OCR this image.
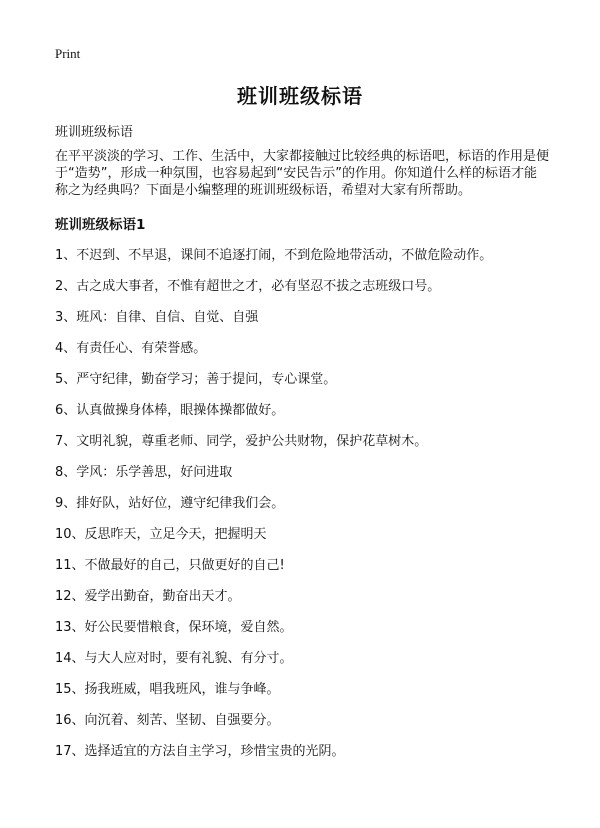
Print
班训班级标语
班训班级标语

在平平淡淡的学习、工作、生活中，大家都接触过比较经典的标语吧，标语的作用是便于“造势”，形成一种氛围，也容易起到“安民告示”的作用。你知道什么样的标语才能称之为经典吗？下面是小编整理的班训班级标语，希望对大家有所帮助。

班训班级标语1
1、不迟到、不早退，课间不追逐打闹，不到危险地带活动，不做危险动作。
2、古之成大事者，不惟有超世之才，必有坚忍不拔之志班级口号。
3、班风：自律、自信、自觉、自强
4、有责任心、有荣誉感。
5、严守纪律，勤奋学习；善于提问，专心课堂。
6、认真做操身体棒，眼操体操都做好。
7、文明礼貌，尊重老师、同学，爱护公共财物，保护花草树木。
8、学风：乐学善思，好问进取
9、排好队，站好位，遵守纪律我们会。
10、反思昨天，立足今天，把握明天
11、不做最好的自己，只做更好的自己!
12、爱学出勤奋，勤奋出天才。
13、好公民要惜粮食，保环境，爱自然。
14、与大人应对时，要有礼貌、有分寸。
15、扬我班威，唱我班风，谁与争峰。
16、向沉着、刻苦、坚韧、自强要分。
17、选择适宜的方法自主学习，珍惜宝贵的光阴。
